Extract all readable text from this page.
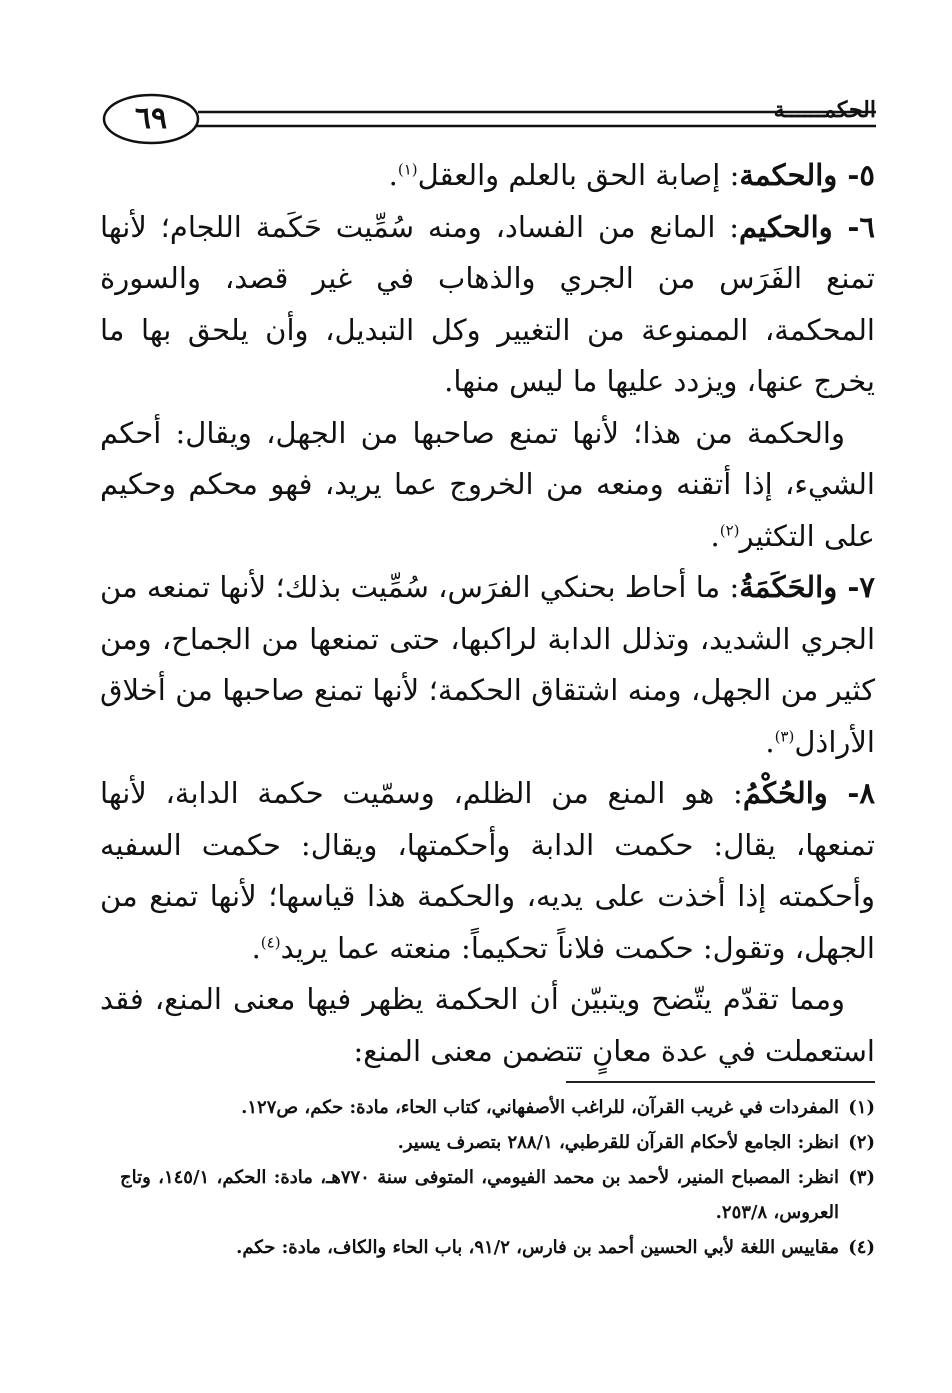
٦٩	الحكمــــــة

٥- والحكمة: إصابة الحق بالعلم والعقل$^{(١)}$.

٦- والحكيم: المانع من الفساد، ومنه سُمِّيت حَكَمة اللجام؛ لأنها تمنع الفَرَس من الجري والذهاب في غير قصد، والسورة المحكمة، الممنوعة من التغيير وكل التبديل، وأن يلحق بها ما يخرج عنها، ويزدد عليها ما ليس منها.

والحكمة من هذا؛ لأنها تمنع صاحبها من الجهل، ويقال: أحكم الشيء، إذا أتقنه ومنعه من الخروج عما يريد، فهو محكم وحكيم على التكثير$^{(٢)}$.

٧- والحَكَمَةُ: ما أحاط بحنكي الفرَس، سُمِّيت بذلك؛ لأنها تمنعه من الجري الشديد، وتذلل الدابة لراكبها، حتى تمنعها من الجماح، ومن كثير من الجهل، ومنه اشتقاق الحكمة؛ لأنها تمنع صاحبها من أخلاق الأراذل$^{(٣)}$.

٨- والحُكْمُ: هو المنع من الظلم، وسمّيت حكمة الدابة، لأنها تمنعها، يقال: حكمت الدابة وأحكمتها، ويقال: حكمت السفيه وأحكمته إذا أخذت على يديه، والحكمة هذا قياسها؛ لأنها تمنع من الجهل، وتقول: حكمت فلاناً تحكيماً: منعته عما يريد$^{(٤)}$.

ومما تقدّم يتّضح ويتبيّن أن الحكمة يظهر فيها معنى المنع، فقد استعملت في عدة معانٍ تتضمن معنى المنع:

(١)
المفردات في غريب القرآن، للراغب الأصفهاني، كتاب الحاء، مادة: حكم، ص١٢٧.

(٢)
انظر: الجامع لأحكام القرآن للقرطبي، ٢٨٨/١ بتصرف يسير.

(٣)
انظر: المصباح المنير، لأحمد بن محمد الفيومي، المتوفى سنة ٧٧٠هـ، مادة: الحكم، ١٤٥/١، وتاج العروس، ٢٥٣/٨.

(٤)
مقاييس اللغة لأبي الحسين أحمد بن فارس، ٩١/٢، باب الحاء والكاف، مادة: حكم.
